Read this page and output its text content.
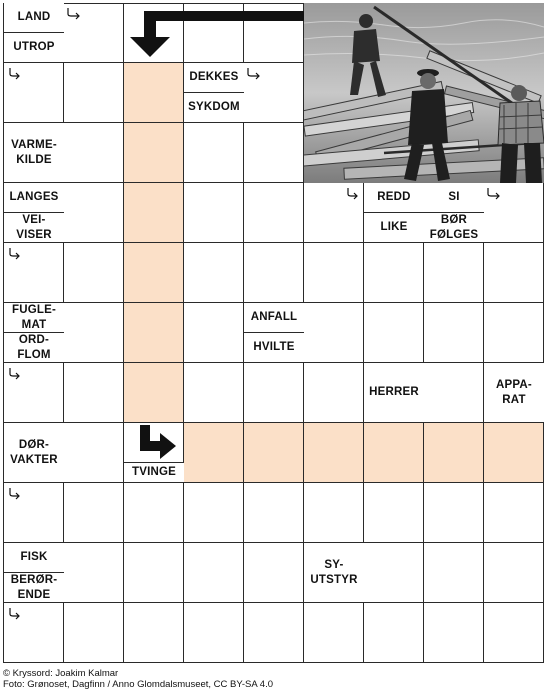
LAND
UTROP
DEKKES
SYKDOM
VARME-
KILDE
LANGES
VEI-
VISER
REDD
LIKE
SI
BØR
FØLGES
FUGLE-
MAT
ORD-
FLOM
ANFALL
HVILTE
HERRER
APPA-
RAT
DØR-
VAKTER
TVINGE
FISK
BERØR-
ENDE
SY-
UTSTYR
© Kryssord: Joakim Kalmar
Foto: Grønoset, Dagfinn / Anno Glomdalsmuseet, CC BY-SA 4.0
